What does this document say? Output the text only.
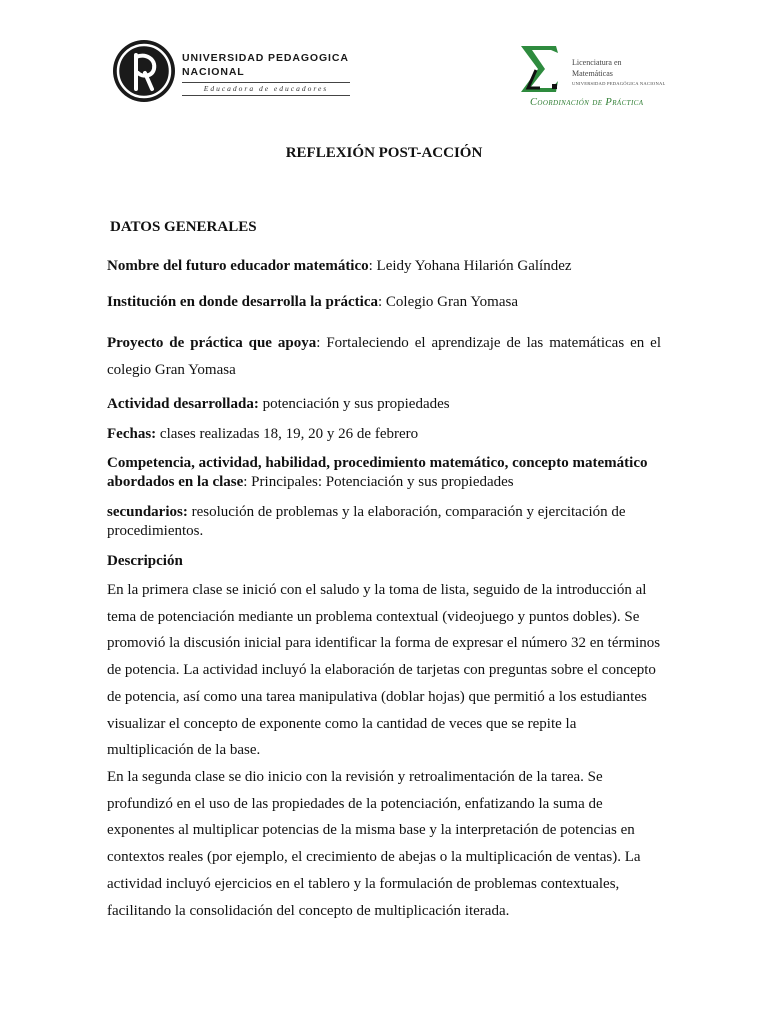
UNIVERSIDAD PEDAGOGICA
NACIONAL
Educadora de educadores
Licenciatura en
Matemáticas
UNIVERSIDAD PEDAGÓGICA NACIONAL
Coordinación de Práctica
REFLEXIÓN POST-ACCIÓN
DATOS GENERALES

Nombre del futuro educador matemático: Leidy Yohana Hilarión Galíndez

Institución en donde desarrolla la práctica: Colegio Gran Yomasa

Proyecto de práctica que apoya: Fortaleciendo el aprendizaje de las matemáticas en el colegio Gran Yomasa

Actividad desarrollada: potenciación y sus propiedades

Fechas: clases realizadas 18, 19, 20 y 26 de febrero

Competencia, actividad, habilidad, procedimiento matemático, concepto matemático abordados en la clase: Principales: Potenciación y sus propiedades

secundarios: resolución de problemas y la elaboración, comparación y ejercitación de procedimientos.

Descripción

En la primera clase se inició con el saludo y la toma de lista, seguido de la introducción al tema de potenciación mediante un problema contextual (videojuego y puntos dobles). Se promovió la discusión inicial para identificar la forma de expresar el número 32 en términos de potencia. La actividad incluyó la elaboración de tarjetas con preguntas sobre el concepto de potencia, así como una tarea manipulativa (doblar hojas) que permitió a los estudiantes visualizar el concepto de exponente como la cantidad de veces que se repite la multiplicación de la base.

En la segunda clase se dio inicio con la revisión y retroalimentación de la tarea. Se profundizó en el uso de las propiedades de la potenciación, enfatizando la suma de exponentes al multiplicar potencias de la misma base y la interpretación de potencias en contextos reales (por ejemplo, el crecimiento de abejas o la multiplicación de ventas). La actividad incluyó ejercicios en el tablero y la formulación de problemas contextuales, facilitando la consolidación del concepto de multiplicación iterada.
